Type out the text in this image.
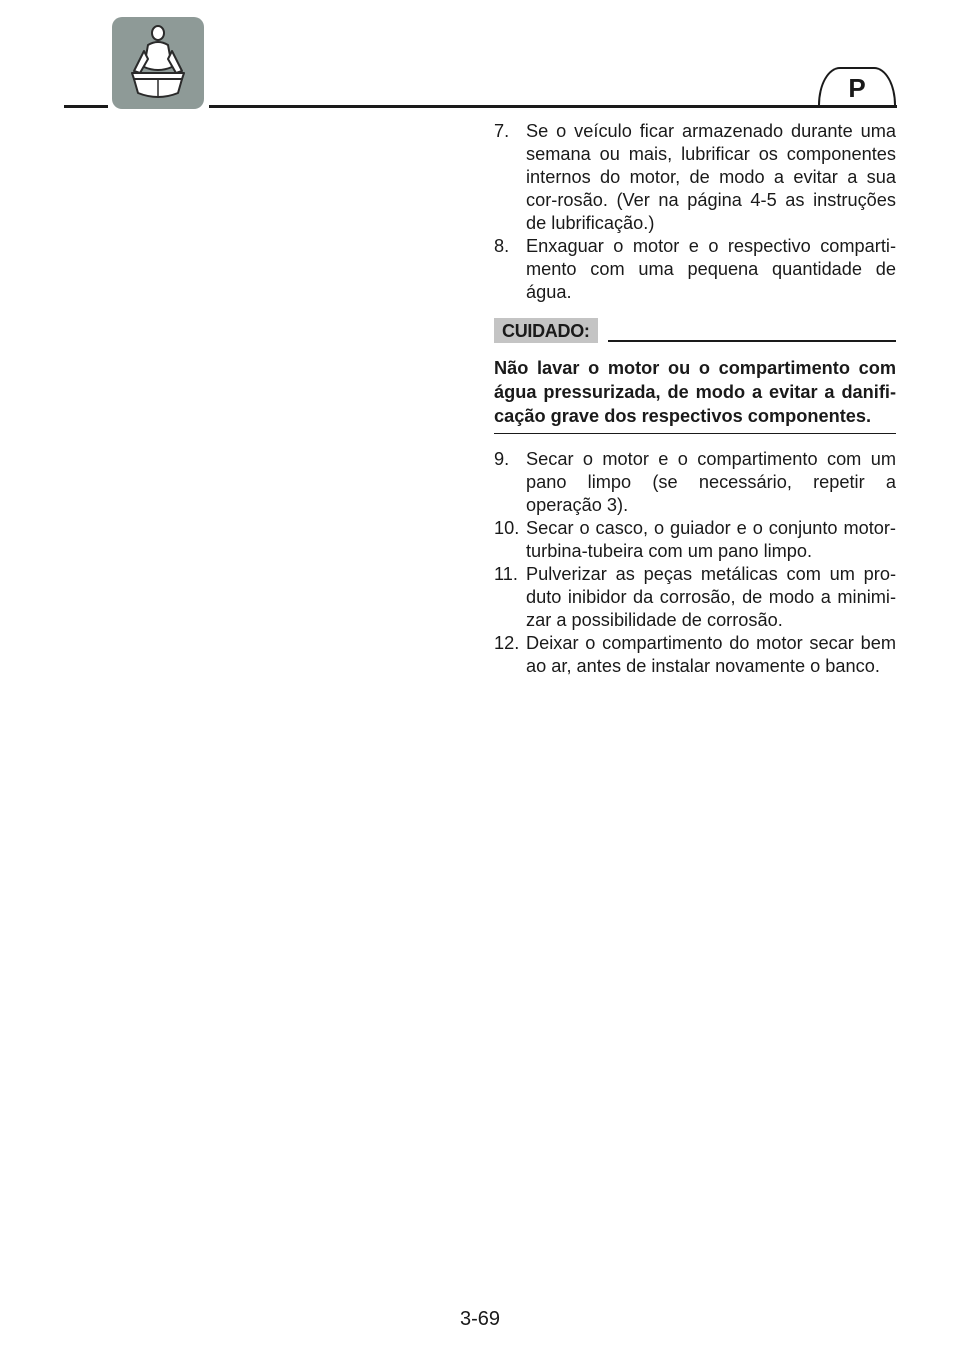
P
7. Se o veículo ficar armazenado durante uma semana ou mais, lubrificar os componentes internos do motor, de modo a evitar a sua cor-rosão. (Ver na página 4-5 as instruções de lubrificação.)
8. Enxaguar o motor e o respectivo comparti-mento com uma pequena quantidade de água.
CUIDADO:
Não lavar o motor ou o compartimento com água pressurizada, de modo a evitar a danifi-cação grave dos respectivos componentes.
9. Secar o motor e o compartimento com um pano limpo (se necessário, repetir a operação 3).
10. Secar o casco, o guiador e o conjunto motor-turbina-tubeira com um pano limpo.
11. Pulverizar as peças metálicas com um pro-duto inibidor da corrosão, de modo a minimi-zar a possibilidade de corrosão.
12. Deixar o compartimento do motor secar bem ao ar, antes de instalar novamente o banco.
3-69
